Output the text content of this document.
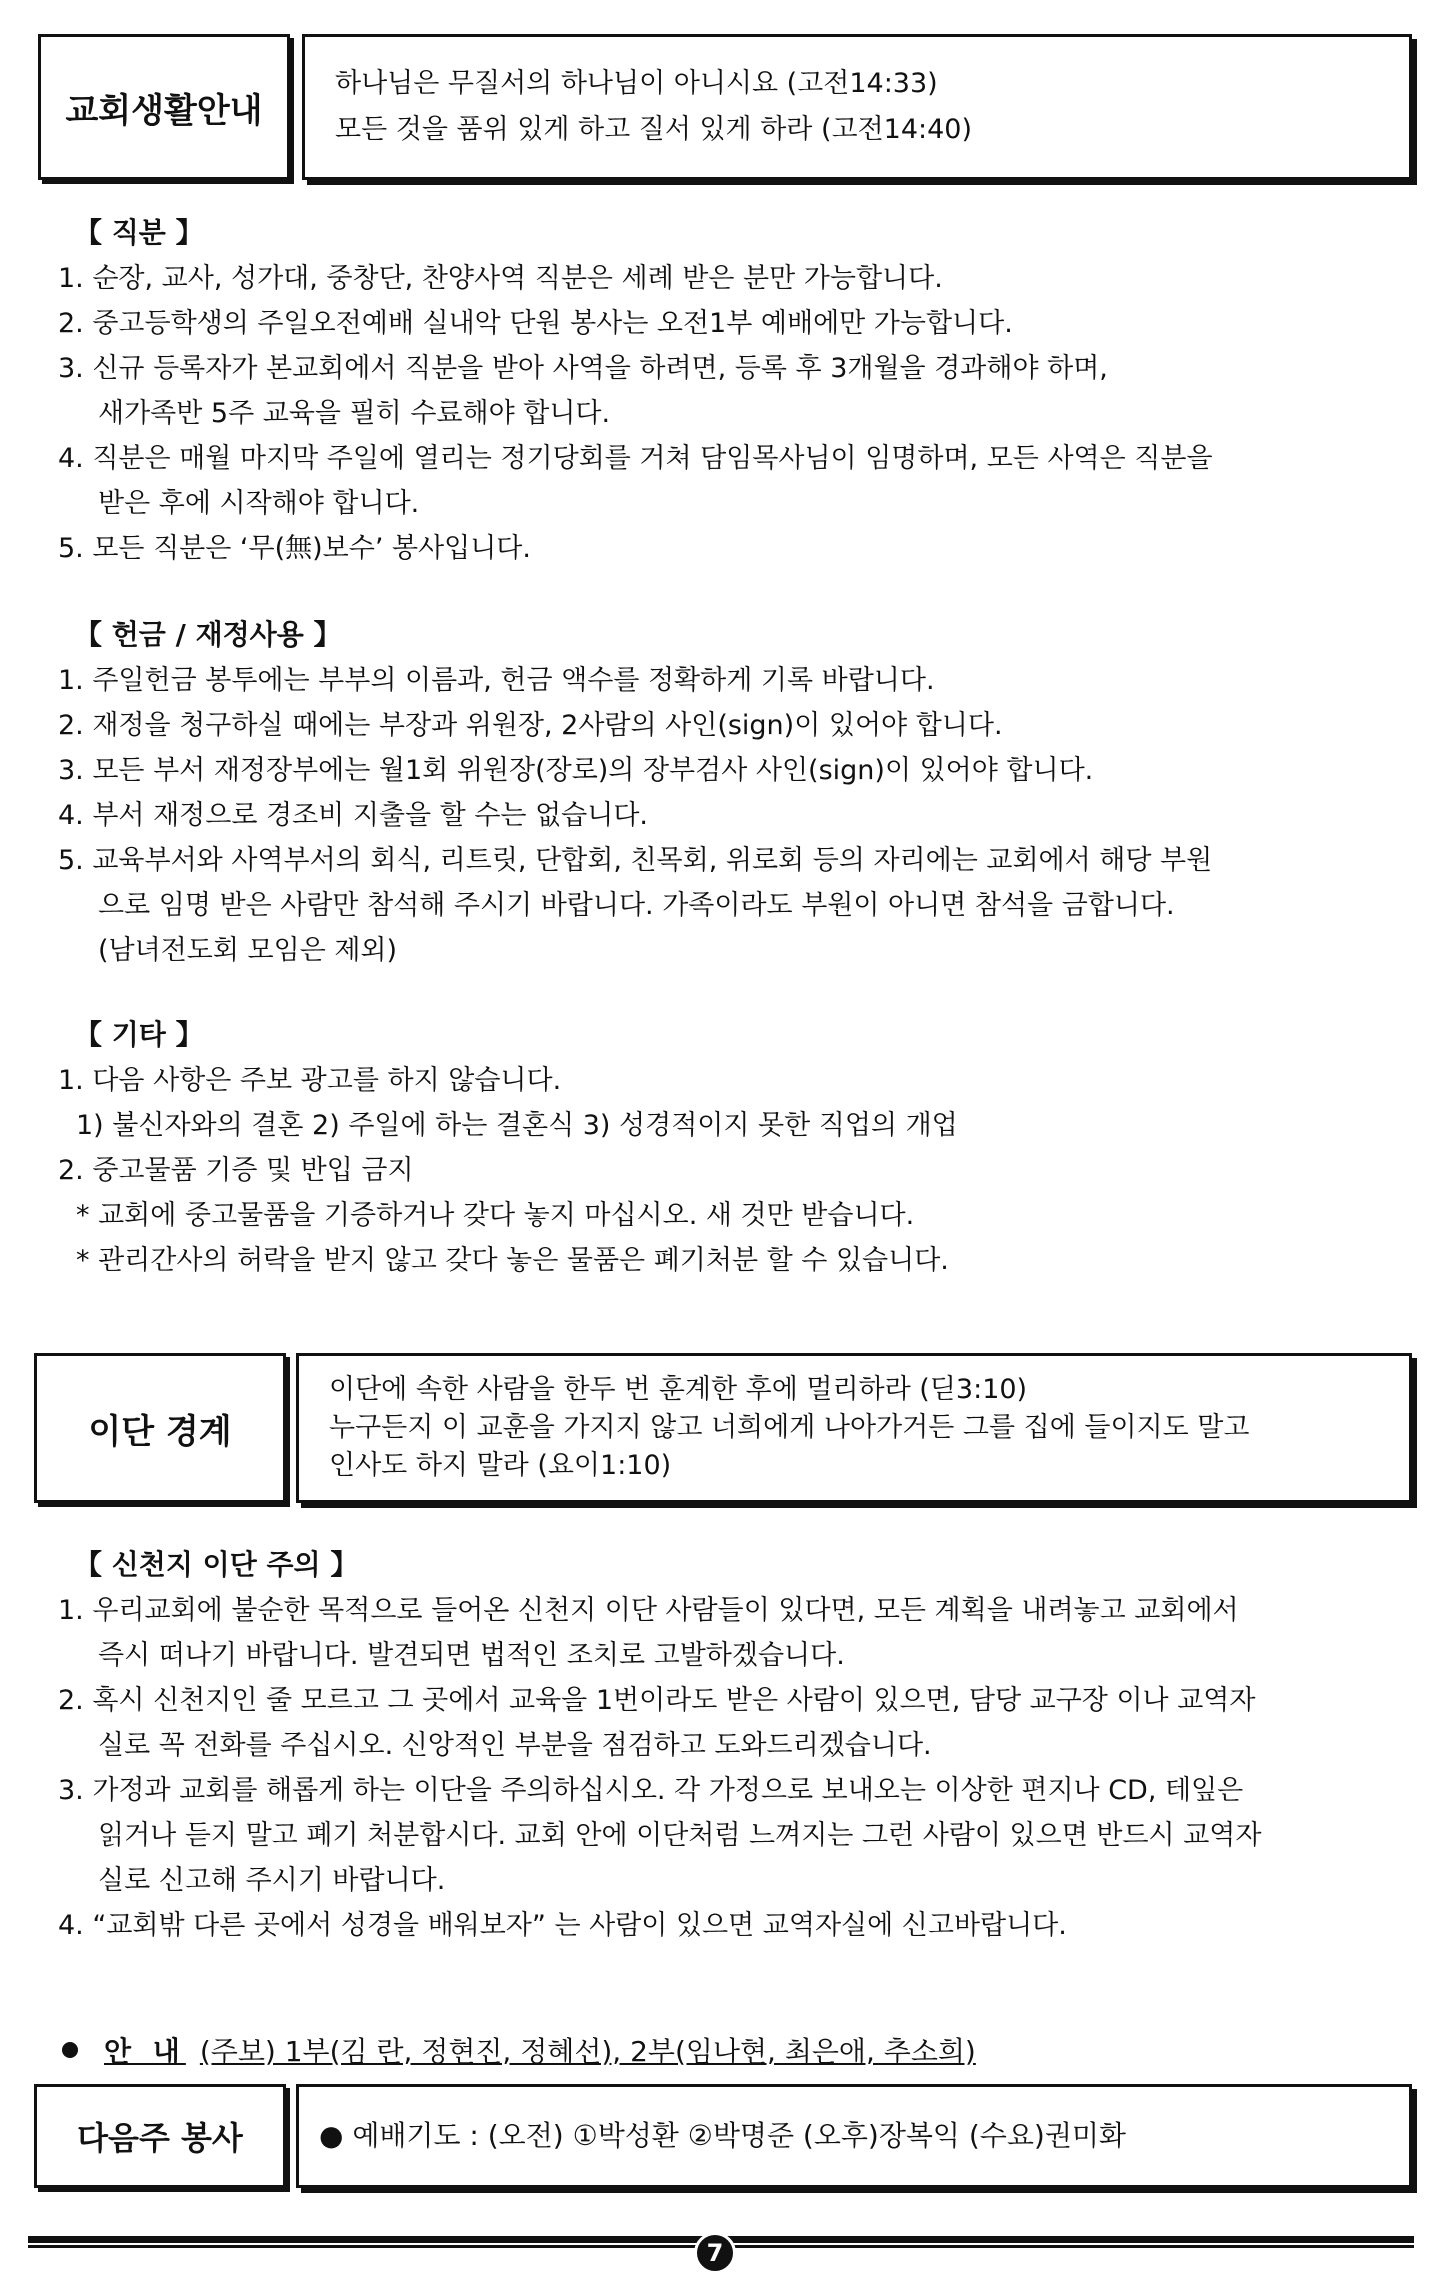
교회생활안내
하나님은 무질서의 하나님이 아니시요 (고전14:33)
모든 것을 품위 있게 하고 질서 있게 하라 (고전14:40)
【 직분 】
1. 순장, 교사, 성가대, 중창단, 찬양사역 직분은 세례 받은 분만 가능합니다.
2. 중고등학생의 주일오전예배 실내악 단원 봉사는 오전1부 예배에만 가능합니다.
3. 신규 등록자가 본교회에서 직분을 받아 사역을 하려면, 등록 후 3개월을 경과해야 하며,
새가족반 5주 교육을 필히 수료해야 합니다.
4. 직분은 매월 마지막 주일에 열리는 정기당회를 거쳐 담임목사님이 임명하며, 모든 사역은 직분을
받은 후에 시작해야 합니다.
5. 모든 직분은 ‘무(無)보수’ 봉사입니다.
【 헌금 / 재정사용 】
1. 주일헌금 봉투에는 부부의 이름과, 헌금 액수를 정확하게 기록 바랍니다.
2. 재정을 청구하실 때에는 부장과 위원장, 2사람의 사인(sign)이 있어야 합니다.
3. 모든 부서 재정장부에는 월1회 위원장(장로)의 장부검사 사인(sign)이 있어야 합니다.
4. 부서 재정으로 경조비 지출을 할 수는 없습니다.
5. 교육부서와 사역부서의 회식, 리트릿, 단합회, 친목회, 위로회 등의 자리에는 교회에서 해당 부원
으로 임명 받은 사람만 참석해 주시기 바랍니다. 가족이라도 부원이 아니면 참석을 금합니다.
(남녀전도회 모임은 제외)
【 기타 】
1. 다음 사항은 주보 광고를 하지 않습니다.
1) 불신자와의 결혼 2) 주일에 하는 결혼식 3) 성경적이지 못한 직업의 개업
2. 중고물품 기증 및 반입 금지
* 교회에 중고물품을 기증하거나 갖다 놓지 마십시오. 새 것만 받습니다.
* 관리간사의 허락을 받지 않고 갖다 놓은 물품은 폐기처분 할 수 있습니다.
이단 경계
이단에 속한 사람을 한두 번 훈계한 후에 멀리하라 (딛3:10)
누구든지 이 교훈을 가지지 않고 너희에게 나아가거든 그를 집에 들이지도 말고
인사도 하지 말라 (요이1:10)
【 신천지 이단 주의 】
1. 우리교회에 불순한 목적으로 들어온 신천지 이단 사람들이 있다면, 모든 계획을 내려놓고 교회에서
즉시 떠나기 바랍니다. 발견되면 법적인 조치로 고발하겠습니다.
2. 혹시 신천지인 줄 모르고 그 곳에서 교육을 1번이라도 받은 사람이 있으면, 담당 교구장 이나 교역자
실로 꼭 전화를 주십시오. 신앙적인 부분을 점검하고 도와드리겠습니다.
3. 가정과 교회를 해롭게 하는 이단을 주의하십시오. 각 가정으로 보내오는 이상한 편지나 CD, 테잎은
읽거나 듣지 말고 폐기 처분합시다. 교회 안에 이단처럼 느껴지는 그런 사람이 있으면 반드시 교역자
실로 신고해 주시기 바랍니다.
4. “교회밖 다른 곳에서 성경을 배워보자” 는 사람이 있으면 교역자실에 신고바랍니다.
안 내 (주보) 1부(김 란, 정현진, 정혜선), 2부(임나현, 최은애, 추소희)
다음주 봉사	● 예배기도 : (오전) ①박성환 ②박명준 (오후)장복익 (수요)권미화
7
